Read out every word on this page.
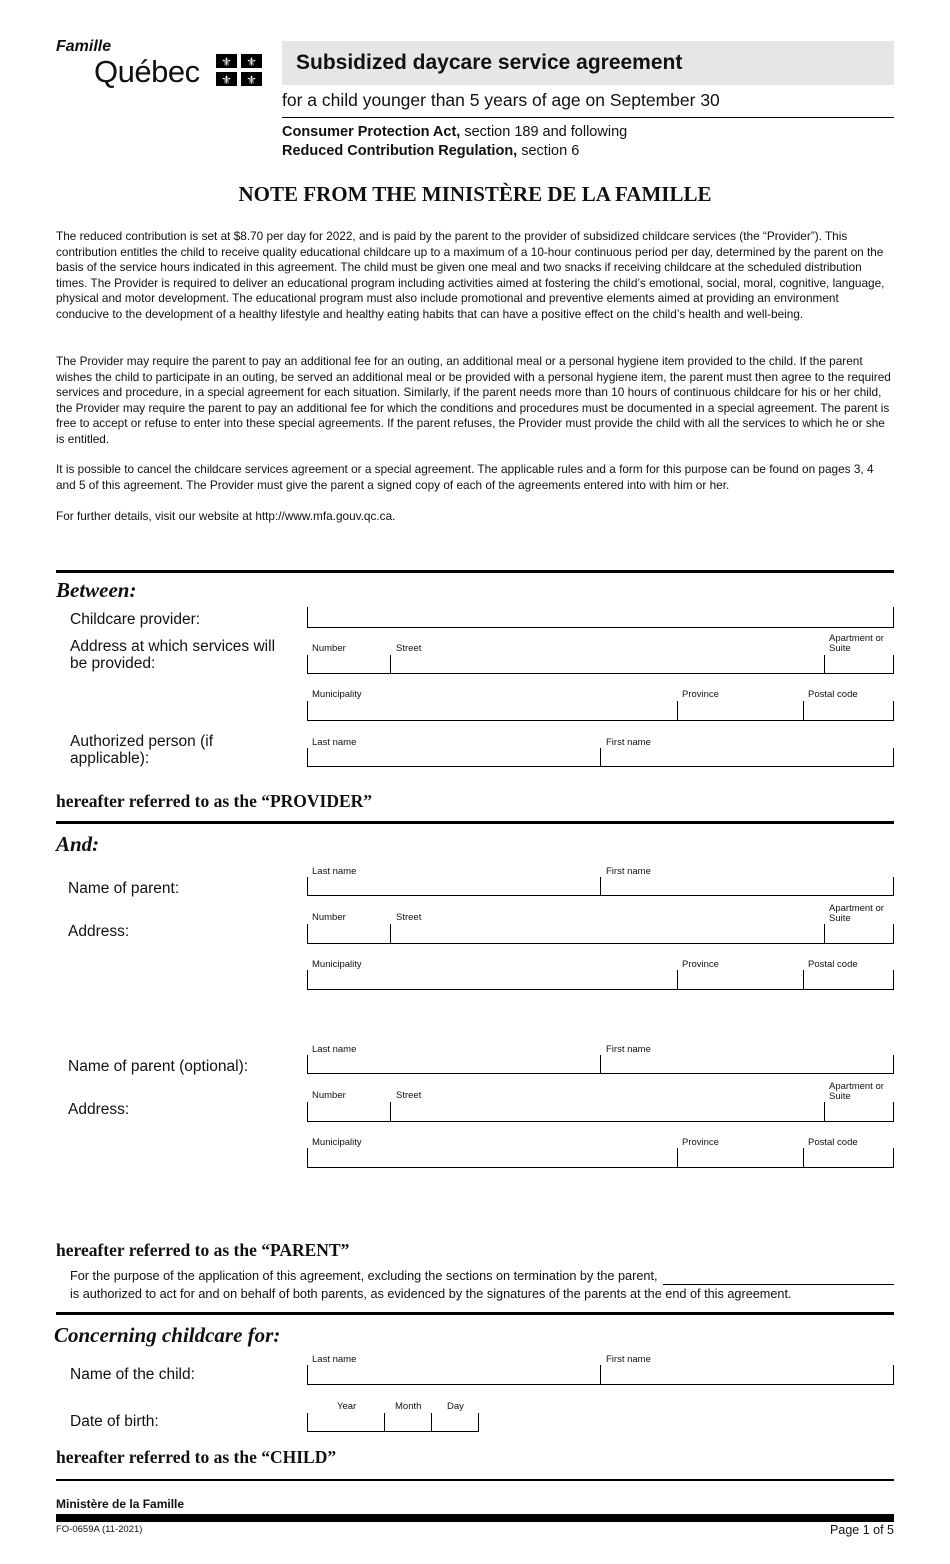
Famille
Québec ⚜ ⚜
⚜ ⚜
Subsidized daycare service agreement
for a child younger than 5 years of age on September 30
Consumer Protection Act, section 189 and following
Reduced Contribution Regulation, section 6
NOTE FROM THE MINISTÈRE DE LA FAMILLE
The reduced contribution is set at $8.70 per day for 2022, and is paid by the parent to the provider of subsidized childcare services (the “Provider”). This contribution entitles the child to receive quality educational childcare up to a maximum of a 10-hour continuous period per day, determined by the parent on the basis of the service hours indicated in this agreement. The child must be given one meal and two snacks if receiving childcare at the scheduled distribution times. The Provider is required to deliver an educational program including activities aimed at fostering the child’s emotional, social, moral, cognitive, language, physical and motor development. The educational program must also include promotional and preventive elements aimed at providing an environment conducive to the development of a healthy lifestyle and healthy eating habits that can have a positive effect on the child’s health and well-being.
The Provider may require the parent to pay an additional fee for an outing, an additional meal or a personal hygiene item provided to the child. If the parent wishes the child to participate in an outing, be served an additional meal or be provided with a personal hygiene item, the parent must then agree to the required services and procedure, in a special agreement for each situation. Similarly, if the parent needs more than 10 hours of continuous childcare for his or her child, the Provider may require the parent to pay an additional fee for which the conditions and procedures must be documented in a special agreement. The parent is free to accept or refuse to enter into these special agreements. If the parent refuses, the Provider must provide the child with all the services to which he or she is entitled.
It is possible to cancel the childcare services agreement or a special agreement. The applicable rules and a form for this purpose can be found on pages 3, 4 and 5 of this agreement. The Provider must give the parent a signed copy of each of the agreements entered into with him or her.
For further details, visit our website at http://www.mfa.gouv.qc.ca.
Between:
Childcare provider:
Address at which services will be provided:
Number	Street
Apartment or Suite
Municipality	Province	Postal code
Authorized person (if applicable):
Last name	First name
hereafter referred to as the “PROVIDER”
And:
Name of parent:
Last name	First name
Address:
Number	Street
Apartment or Suite
Municipality	Province	Postal code
Name of parent (optional):
Last name	First name
Address:
Number	Street
Apartment or Suite
Municipality	Province	Postal code
hereafter referred to as the “PARENT”
For the purpose of the application of this agreement, excluding the sections on termination by the parent,
is authorized to act for and on behalf of both parents, as evidenced by the signatures of the parents at the end of this agreement.
Concerning childcare for:
Name of the child:
Last name	First name
Date of birth:
Year	Month	Day
hereafter referred to as the “CHILD”
Ministère de la Famille
FO-0659A (11-2021)	Page 1 of 5
